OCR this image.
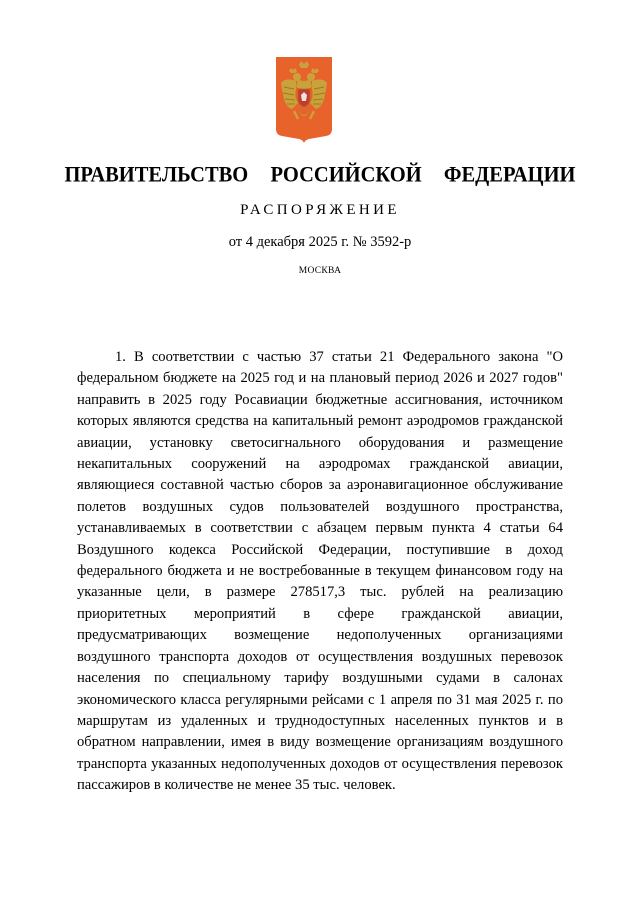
ПРАВИТЕЛЬСТВО  РОССИЙСКОЙ  ФЕДЕРАЦИИ
РАСПОРЯЖЕНИЕ
от 4 декабря 2025 г. № 3592-р
МОСКВА

1. В соответствии с частью 37 статьи 21 Федерального закона "О федеральном бюджете на 2025 год и на плановый период 2026 и 2027 годов" направить в 2025 году Росавиации бюджетные ассигнования, источником которых являются средства на капитальный ремонт аэродромов гражданской авиации, установку светосигнального оборудования и размещение некапитальных сооружений на аэродромах гражданской авиации, являющиеся составной частью сборов за аэронавигационное обслуживание полетов воздушных судов пользователей воздушного пространства, устанавливаемых в соответствии с абзацем первым пункта 4 статьи 64 Воздушного кодекса Российской Федерации, поступившие в доход федерального бюджета и не востребованные в текущем финансовом году на указанные цели, в размере 278517,3 тыс. рублей на реализацию приоритетных мероприятий в сфере гражданской авиации, предусматривающих возмещение недополученных организациями воздушного транспорта доходов от осуществления воздушных перевозок населения по специальному тарифу воздушными судами в салонах экономического класса регулярными рейсами с 1 апреля по 31 мая 2025 г. по маршрутам из удаленных и труднодоступных населенных пунктов и в обратном направлении, имея в виду возмещение организациям воздушного транспорта указанных недополученных доходов от осуществления перевозок пассажиров в количестве не менее 35 тыс. человек.
